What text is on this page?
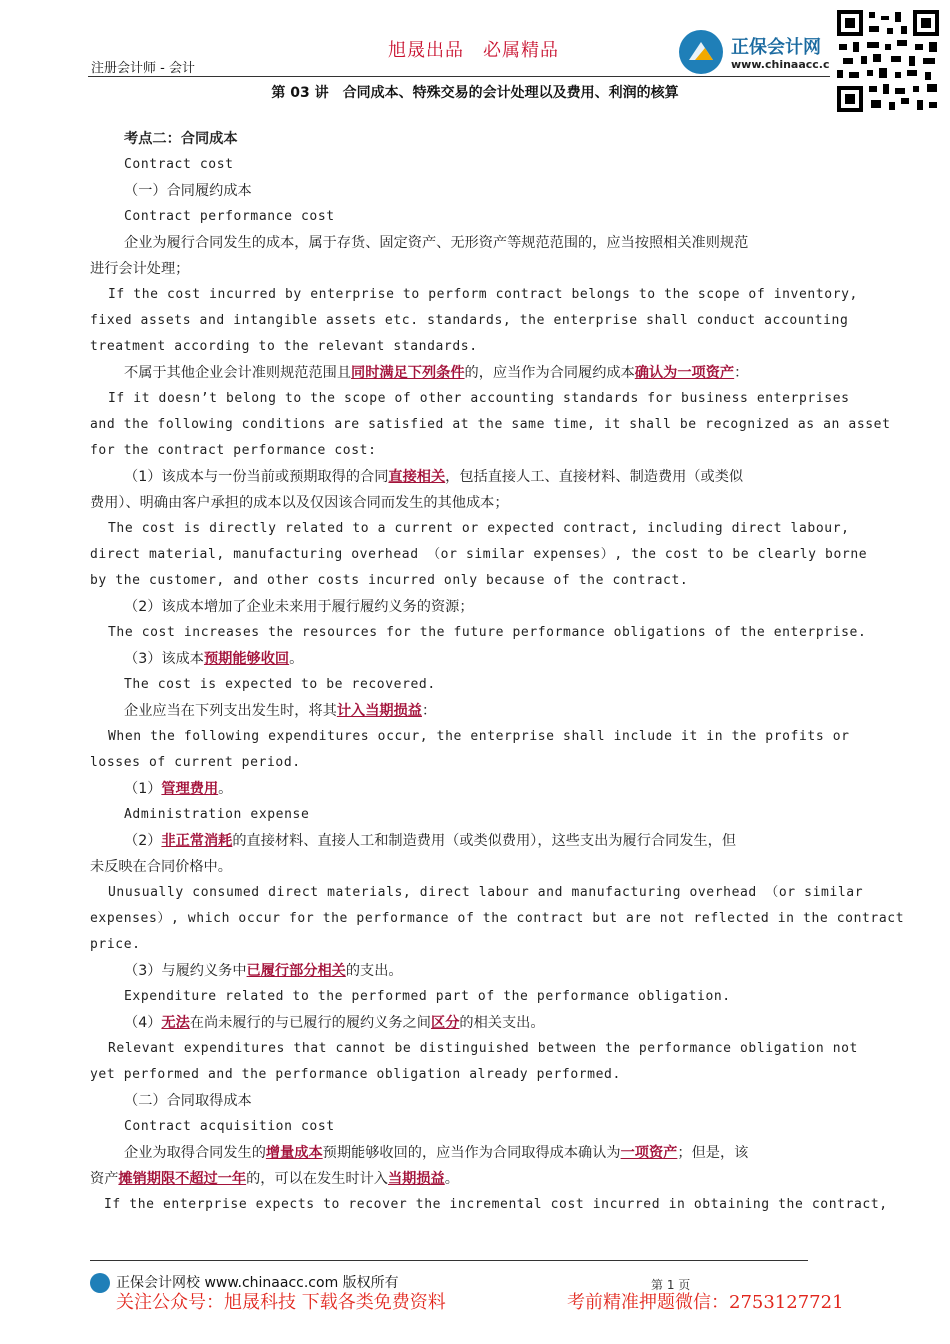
注册会计师 - 会计
旭晟出品　必属精品	正保会计网
www.chinaacc.c
第 03 讲　合同成本、特殊交易的会计处理以及费用、利润的核算
考点二：合同成本
Contract cost
（一）合同履约成本
Contract performance cost
企业为履行合同发生的成本，属于存货、固定资产、无形资产等规范范围的，应当按照相关准则规范
进行会计处理；
If the cost incurred by enterprise to perform contract belongs to the scope of inventory,
fixed assets and intangible assets etc. standards, the enterprise shall conduct accounting
treatment according to the relevant standards.
不属于其他企业会计准则规范范围且同时满足下列条件的，应当作为合同履约成本确认为一项资产：
If it doesn’t belong to the scope of other accounting standards for business enterprises
and the following conditions are satisfied at the same time, it shall be recognized as an asset
for the contract performance cost:
（1）该成本与一份当前或预期取得的合同直接相关，包括直接人工、直接材料、制造费用（或类似
费用）、明确由客户承担的成本以及仅因该合同而发生的其他成本；
The cost is directly related to a current or expected contract, including direct labour,
direct material, manufacturing overhead （or similar expenses）, the cost to be clearly borne
by the customer, and other costs incurred only because of the contract.
（2）该成本增加了企业未来用于履行履约义务的资源；
The cost increases the resources for the future performance obligations of the enterprise.
（3）该成本预期能够收回。
The cost is expected to be recovered.
企业应当在下列支出发生时，将其计入当期损益：
When the following expenditures occur, the enterprise shall include it in the profits or
losses of current period.
（1）管理费用。
Administration expense
（2）非正常消耗的直接材料、直接人工和制造费用（或类似费用），这些支出为履行合同发生，但
未反映在合同价格中。
Unusually consumed direct materials, direct labour and manufacturing overhead （or similar
expenses）, which occur for the performance of the contract but are not reflected in the contract
price.
（3）与履约义务中已履行部分相关的支出。
Expenditure related to the performed part of the performance obligation.
（4）无法在尚未履行的与已履行的履约义务之间区分的相关支出。
Relevant expenditures that cannot be distinguished between the performance obligation not
yet performed and the performance obligation already performed.
（二）合同取得成本
Contract acquisition cost
企业为取得合同发生的增量成本预期能够收回的，应当作为合同取得成本确认为一项资产；但是，该
资产摊销期限不超过一年的，可以在发生时计入当期损益。
If the enterprise expects to recover the incremental cost incurred in obtaining the contract,
正保会计网校 www.chinaacc.com 版权所有	第 1 页
关注公众号：旭晟科技 下载各类免费资料	考前精准押题微信：2753127721
